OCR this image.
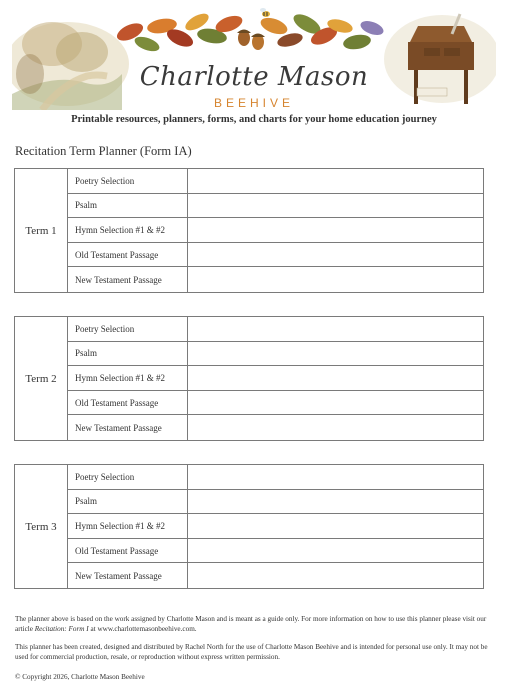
Charlotte Mason
BEEHIVE
Printable resources, planners, forms, and charts for your home education journey
Recitation Term Planner (Form IA)
Term 1
Poetry Selection
Psalm
Hymn Selection #1 & #2
Old Testament Passage
New Testament Passage
Term 2
Poetry Selection
Psalm
Hymn Selection #1 & #2
Old Testament Passage
New Testament Passage
Term 3
Poetry Selection
Psalm
Hymn Selection #1 & #2
Old Testament Passage
New Testament Passage
The planner above is based on the work assigned by Charlotte Mason and is meant as a guide only. For more information on how to use this planner please visit our article Recitation: Form I at www.charlottemasonbeehive.com.
This planner has been created, designed and distributed by Rachel North for the use of Charlotte Mason Beehive and is intended for personal use only. It may not be used for commercial production, resale, or reproduction without express written permission.
© Copyright 2026, Charlotte Mason Beehive
